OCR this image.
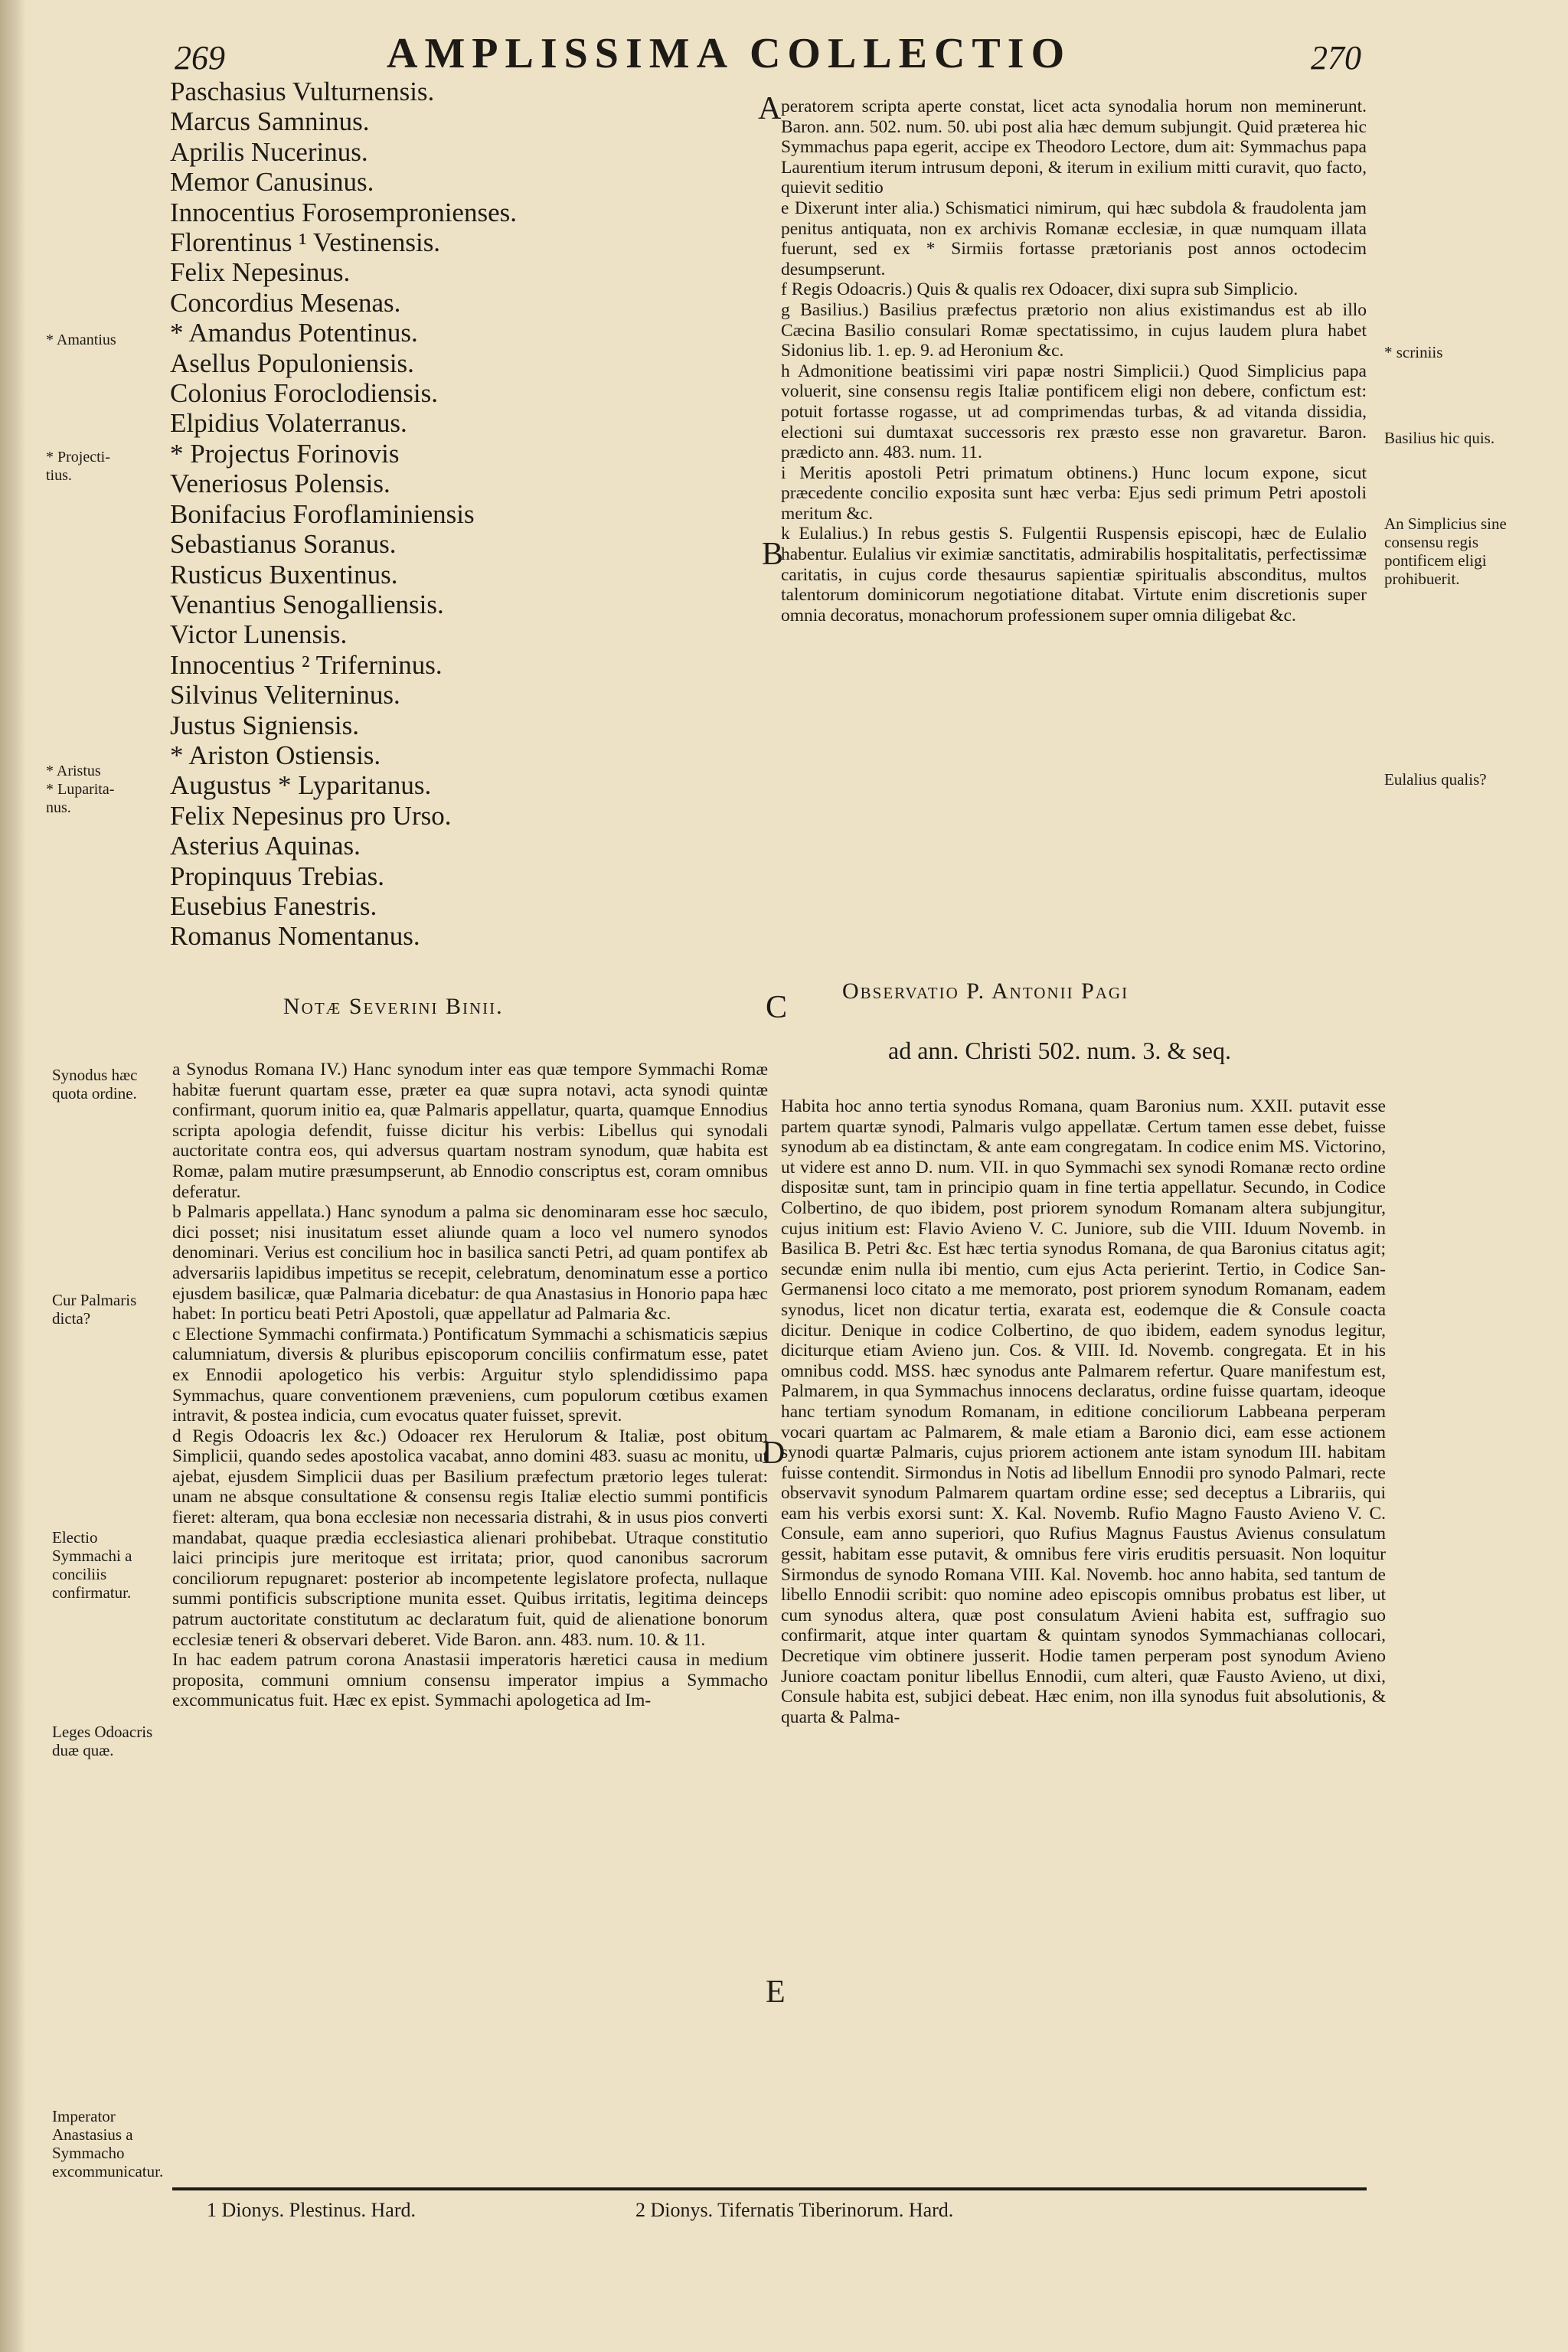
269	AMPLISSIMA COLLECTIO	270
Paschasius Vulturnensis.
Marcus Samninus.
Aprilis Nucerinus.
Memor Canusinus.
Innocentius Forosempronienses.
Florentinus ¹ Vestinensis.
Felix Nepesinus.
Concordius Mesenas.
* Amandus Potentinus.
Asellus Populoniensis.
Colonius Foroclodiensis.
Elpidius Volaterranus.
* Projectus Forinovis
Veneriosus Polensis.
Bonifacius Foroflaminiensis
Sebastianus Soranus.
Rusticus Buxentinus.
Venantius Senogalliensis.
Victor Lunensis.
Innocentius ² Triferninus.
Silvinus Veliterninus.
Justus Signiensis.
* Ariston Ostiensis.
Augustus * Lyparitanus.
Felix Nepesinus pro Urso.
Asterius Aquinas.
Propinquus Trebias.
Eusebius Fanestris.
Romanus Nomentanus.
* Amantius
* Projecti-
tius.
* Aristus
* Luparita-
nus.
A peratorem scripta aperte constat, licet acta synodalia horum non meminerunt. Baron. ann. 502. num. 50. ubi post alia hæc demum subjungit. Quid præterea hic Symmachus papa egerit, accipe ex Theodoro Lectore, dum ait: Symmachus papa Laurentium iterum intrusum deponi, & iterum in exilium mitti curavit, quo facto, quievit seditio

e Dixerunt inter alia.) Schismatici nimirum, qui hæc subdola & fraudolenta jam penitus antiquata, non ex archivis Romanæ ecclesiæ, in quæ numquam illata fuerunt, sed ex * Sirmiis fortasse prætorianis post annos octodecim desumpserunt.

f Regis Odoacris.) Quis & qualis rex Odoacer, dixi supra sub Simplicio.

g Basilius.) Basilius præfectus prætorio non alius existimandus est ab illo Cæcina Basilio consulari Romæ spectatissimo, in cujus laudem plura habet Sidonius lib. 1. ep. 9. ad Heronium &c.

h Admonitione beatissimi viri papæ nostri Simplicii.) Quod Simplicius papa voluerit, sine consensu regis Italiæ pontificem eligi non debere, confictum est: potuit fortasse rogasse, ut ad comprimendas turbas, & ad vitanda dissidia, electioni sui dumtaxat successoris rex præsto esse non gravaretur. Baron. prædicto ann. 483. num. 11.

i Meritis apostoli Petri primatum obtinens.) Hunc locum expone, sicut præcedente concilio exposita sunt hæc verba: Ejus sedi primum Petri apostoli meritum &c.

k Eulalius.) In rebus gestis S. Fulgentii Ruspensis episcopi, hæc de Eulalio habentur. Eulalius vir eximiæ sanctitatis, admirabilis hospitalitatis, perfectissimæ caritatis, in cujus corde thesaurus sapientiæ spiritualis absconditus, multos talentorum dominicorum negotiatione ditabat. Virtute enim discretionis super omnia decoratus, monachorum professionem super omnia diligebat &c.

* scriniis
Basilius hic quis.
An Simplicius sine consensu regis pontificem eligi prohibuerit.
Eulalius qualis?
B
Notæ Severini Binii.	C Observatio P. Antonii Pagi
ad ann. Christi 502. num. 3. & seq.

a Synodus Romana IV.) Hanc synodum inter eas quæ tempore Symmachi Romæ habitæ fuerunt quartam esse, præter ea quæ supra notavi, acta synodi quintæ confirmant, quorum initio ea, quæ Palmaris appellatur, quarta, quamque Ennodius scripta apologia defendit, fuisse dicitur his verbis: Libellus qui synodali auctoritate contra eos, qui adversus quartam nostram synodum, quæ habita est Romæ, palam mutire præsumpserunt, ab Ennodio conscriptus est, coram omnibus deferatur.

b Palmaris appellata.) Hanc synodum a palma sic denominaram esse hoc sæculo, dici posset; nisi inusitatum esset aliunde quam a loco vel numero synodos denominari. Verius est concilium hoc in basilica sancti Petri, ad quam pontifex ab adversariis lapidibus impetitus se recepit, celebratum, denominatum esse a portico ejusdem basilicæ, quæ Palmaria dicebatur: de qua Anastasius in Honorio papa hæc habet: In porticu beati Petri Apostoli, quæ appellatur ad Palmaria &c.

c Electione Symmachi confirmata.) Pontificatum Symmachi a schismaticis sæpius calumniatum, diversis & pluribus episcoporum conciliis confirmatum esse, patet ex Ennodii apologetico his verbis: Arguitur stylo splendidissimo papa Symmachus, quare conventionem præveniens, cum populorum cœtibus examen intravit, & postea indicia, cum evocatus quater fuisset, sprevit.

d Regis Odoacris lex &c.) Odoacer rex Herulorum & Italiæ, post obitum Simplicii, quando sedes apostolica vacabat, anno domini 483. suasu ac monitu, ut ajebat, ejusdem Simplicii duas per Basilium præfectum prætorio leges tulerat: unam ne absque consultatione & consensu regis Italiæ electio summi pontificis fieret: alteram, qua bona ecclesiæ non necessaria distrahi, & in usus pios converti mandabat, quaque prædia ecclesiastica alienari prohibebat. Utraque constitutio laici principis jure meritoque est irritata; prior, quod canonibus sacrorum conciliorum repugnaret: posterior ab incompetente legislatore profecta, nullaque summi pontificis subscriptione munita esset. Quibus irritatis, legitima deinceps patrum auctoritate constitutum ac declaratum fuit, quid de alienatione bonorum ecclesiæ teneri & observari deberet. Vide Baron. ann. 483. num. 10. & 11.

In hac eadem patrum corona Anastasii imperatoris hæretici causa in medium proposita, communi omnium consensu imperator impius a Symmacho excommunicatus fuit. Hæc ex epist. Symmachi apologetica ad Im-

Synodus hæc quota ordine.
Cur Palmaris dicta?
Electio Symmachi a conciliis confirmatur.
Leges Odoacris duæ quæ.
Imperator Anastasius a Symmacho excommunicatur.

Habita hoc anno tertia synodus Romana, quam Baronius num. XXII. putavit esse partem quartæ synodi, Palmaris vulgo appellatæ. Certum tamen esse debet, fuisse synodum ab ea distinctam, & ante eam congregatam. In codice enim MS. Victorino, ut videre est anno D. num. VII. in quo Symmachi sex synodi Romanæ recto ordine dispositæ sunt, tam in principio quam in fine tertia appellatur. Secundo, in Codice Colbertino, de quo ibidem, post priorem synodum Romanam altera subjungitur, cujus initium est: Flavio Avieno V. C. Juniore, sub die VIII. Iduum Novemb. in Basilica B. Petri &c. Est hæc tertia synodus Romana, de qua Baronius citatus agit; secundæ enim nulla ibi mentio, cum ejus Acta perierint. Tertio, in Codice San-Germanensi loco citato a me memorato, post priorem synodum Romanam, eadem synodus, licet non dicatur tertia, exarata est, eodemque die & Consule coacta dicitur. Denique in codice Colbertino, de quo ibidem, eadem synodus legitur, diciturque etiam Avieno jun. Cos. & VIII. Id. Novemb. congregata. Et in his omnibus codd. MSS. hæc synodus ante Palmarem refertur. Quare manifestum est, Palmarem, in qua Symmachus innocens declaratus, ordine fuisse quartam, ideoque hanc tertiam synodum Romanam, in editione conciliorum Labbeana perperam vocari quartam ac Palmarem, & male etiam a Baronio dici, eam esse actionem synodi quartæ Palmaris, cujus priorem actionem ante istam synodum III. habitam fuisse contendit. Sirmondus in Notis ad libellum Ennodii pro synodo Palmari, recte observavit synodum Palmarem quartam ordine esse; sed deceptus a Librariis, qui eam his verbis exorsi sunt: X. Kal. Novemb. Rufio Magno Fausto Avieno V. C. Consule, eam anno superiori, quo Rufius Magnus Faustus Avienus consulatum gessit, habitam esse putavit, & omnibus fere viris eruditis persuasit. Non loquitur Sirmondus de synodo Romana VIII. Kal. Novemb. hoc anno habita, sed tantum de libello Ennodii scribit: quo nomine adeo episcopis omnibus probatus est liber, ut cum synodus altera, quæ post consulatum Avieni habita est, suffragio suo confirmarit, atque inter quartam & quintam synodos Symmachianas collocari, Decretique vim obtinere jusserit. Hodie tamen perperam post synodum Avieno Juniore coactam ponitur libellus Ennodii, cum alteri, quæ Fausto Avieno, ut dixi, Consule habita est, subjici debeat. Hæc enim, non illa synodus fuit absolutionis, & quarta & Palma-

D
E
1 Dionys. Plestinus. Hard.	2 Dionys. Tifernatis Tiberinorum. Hard.
